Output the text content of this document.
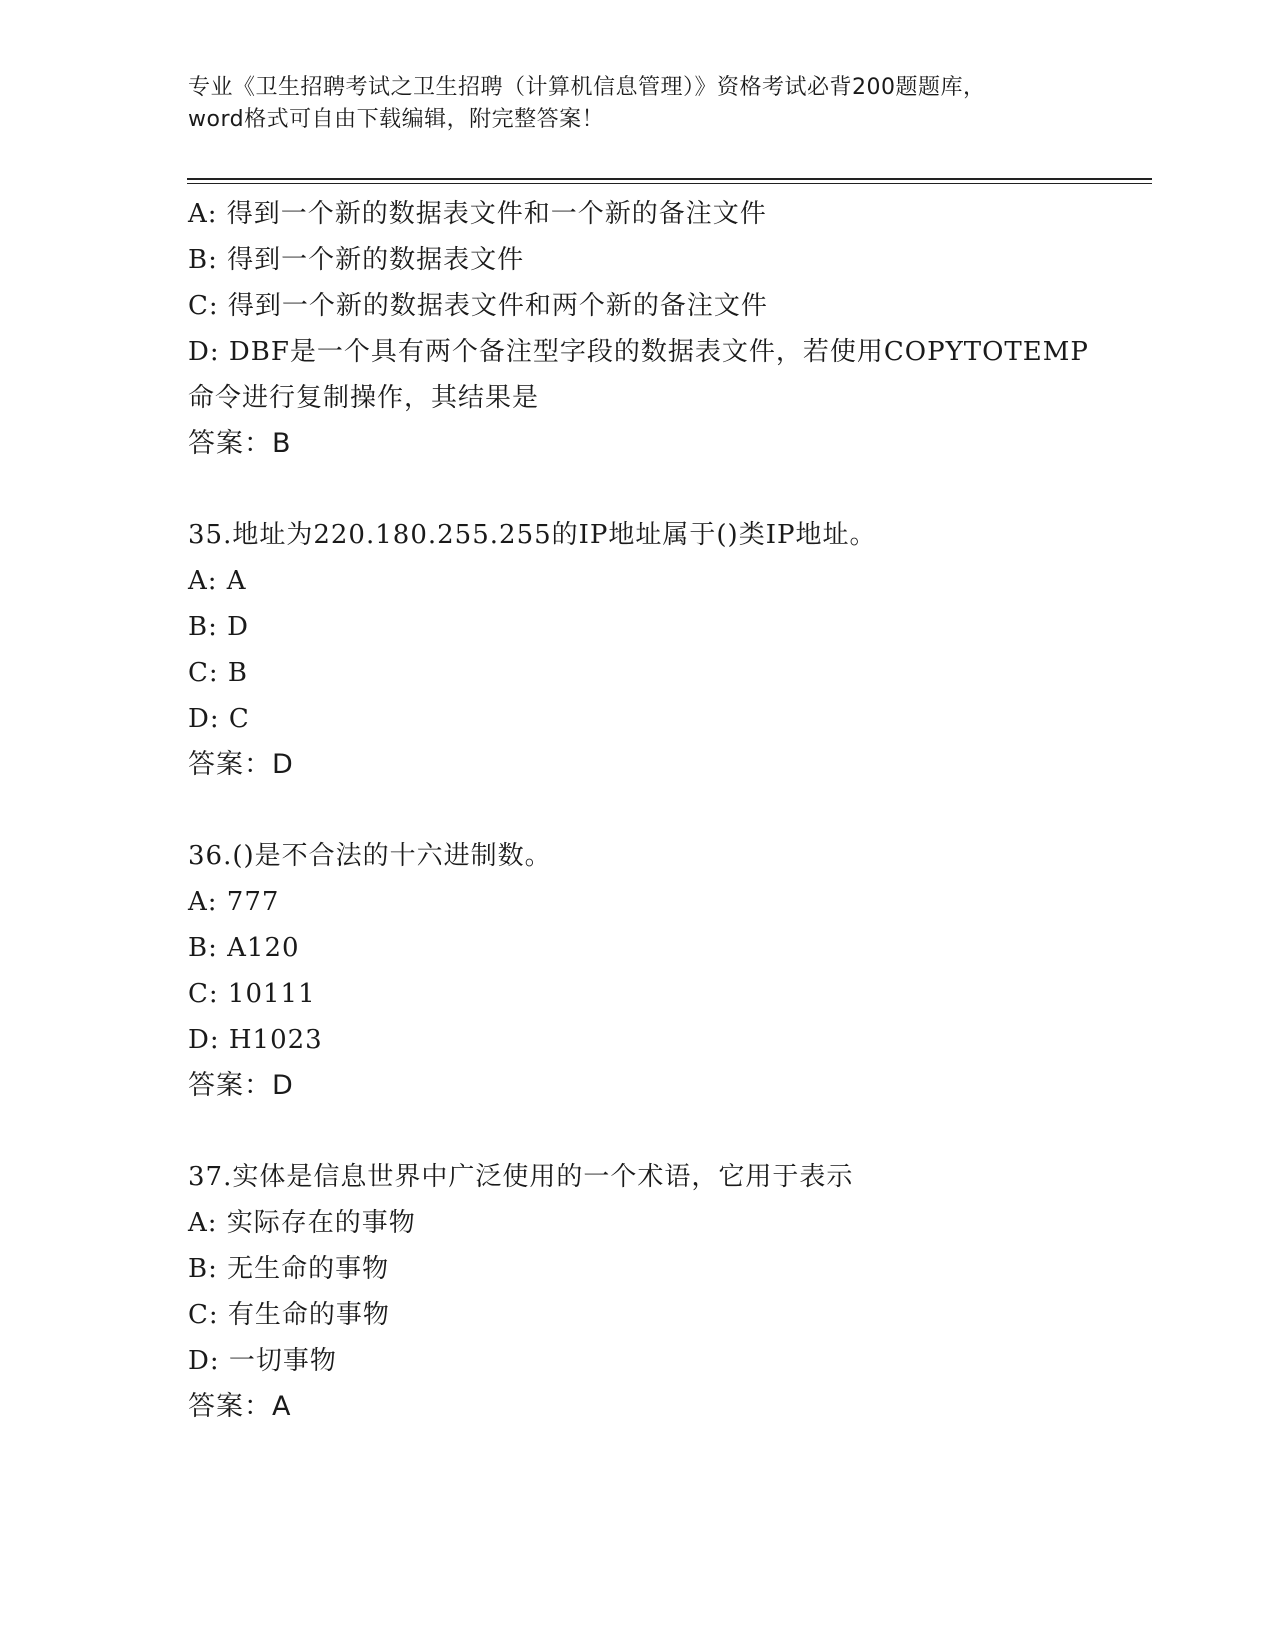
专业《卫生招聘考试之卫生招聘（计算机信息管理）》资格考试必背200题题库，
word格式可自由下载编辑，附完整答案！
A: 得到一个新的数据表文件和一个新的备注文件
B: 得到一个新的数据表文件
C: 得到一个新的数据表文件和两个新的备注文件
D: DBF是一个具有两个备注型字段的数据表文件，若使用COPYTOTEMP
命令进行复制操作，其结果是
答案：B
35.地址为220.180.255.255的IP地址属于()类IP地址。
A: A
B: D
C: B
D: C
答案：D
36.()是不合法的十六进制数。
A: 777
B: A120
C: 10111
D: H1023
答案：D
37.实体是信息世界中广泛使用的一个术语，它用于表示
A: 实际存在的事物
B: 无生命的事物
C: 有生命的事物
D: 一切事物
答案：A
